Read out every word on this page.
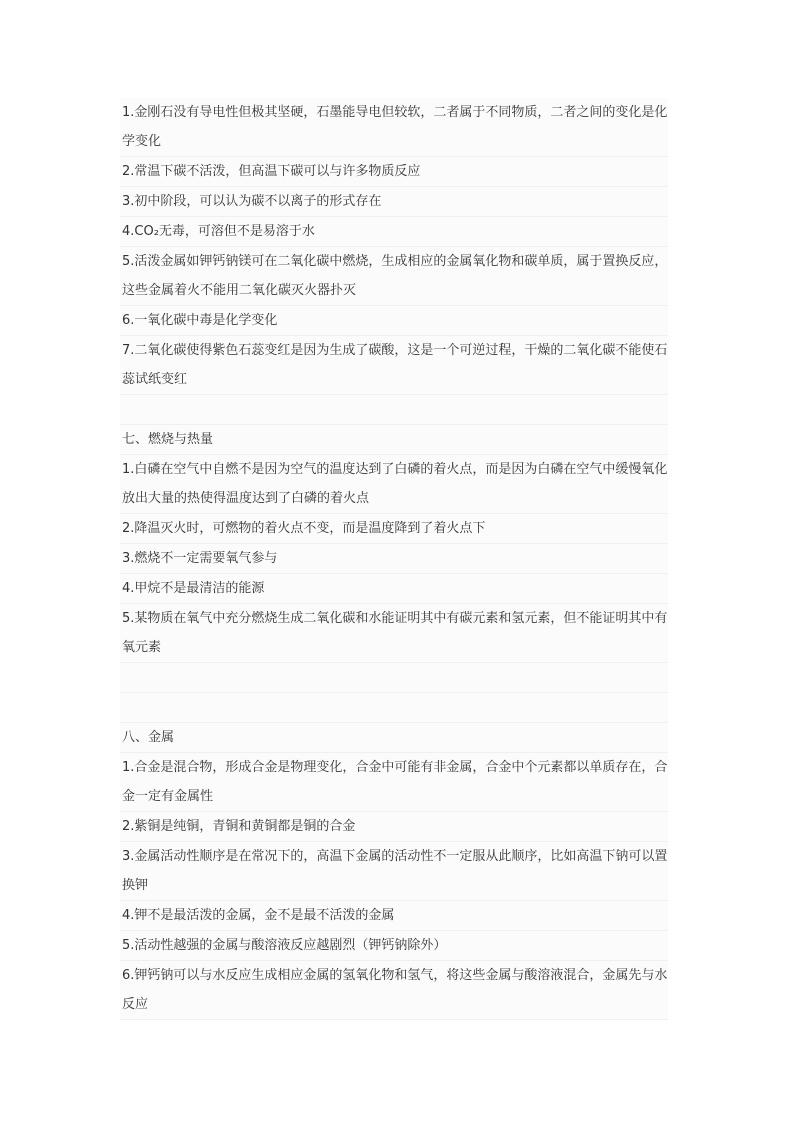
1.金刚石没有导电性但极其坚硬，石墨能导电但较软，二者属于不同物质，二者之间的变化是化学变化

2.常温下碳不活泼，但高温下碳可以与许多物质反应

3.初中阶段，可以认为碳不以离子的形式存在

4.CO₂无毒，可溶但不是易溶于水

5.活泼金属如钾钙钠镁可在二氧化碳中燃烧，生成相应的金属氧化物和碳单质，属于置换反应，这些金属着火不能用二氧化碳灭火器扑灭

6.一氧化碳中毒是化学变化

7.二氧化碳使得紫色石蕊变红是因为生成了碳酸，这是一个可逆过程，干燥的二氧化碳不能使石蕊试纸变红

七、燃烧与热量

1.白磷在空气中自燃不是因为空气的温度达到了白磷的着火点，而是因为白磷在空气中缓慢氧化放出大量的热使得温度达到了白磷的着火点

2.降温灭火时，可燃物的着火点不变，而是温度降到了着火点下

3.燃烧不一定需要氧气参与

4.甲烷不是最清洁的能源

5.某物质在氧气中充分燃烧生成二氧化碳和水能证明其中有碳元素和氢元素，但不能证明其中有氧元素

八、金属

1.合金是混合物，形成合金是物理变化，合金中可能有非金属，合金中个元素都以单质存在，合金一定有金属性

2.紫铜是纯铜，青铜和黄铜都是铜的合金

3.金属活动性顺序是在常况下的，高温下金属的活动性不一定服从此顺序，比如高温下钠可以置换钾

4.钾不是最活泼的金属，金不是最不活泼的金属

5.活动性越强的金属与酸溶液反应越剧烈（钾钙钠除外）

6.钾钙钠可以与水反应生成相应金属的氢氧化物和氢气，将这些金属与酸溶液混合，金属先与水反应
